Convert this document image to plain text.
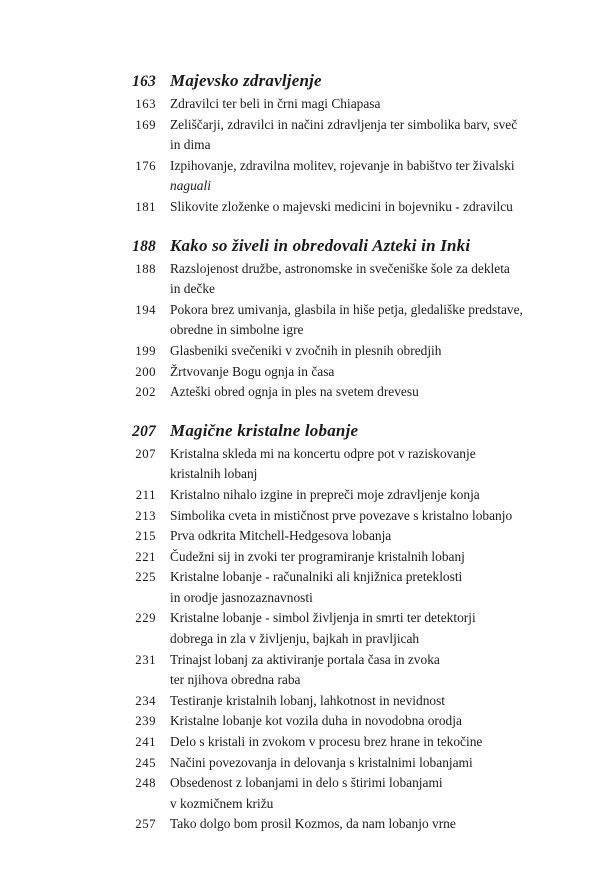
163 Majevsko zdravljenje
163 Zdravilci ter beli in črni magi Chiapasa
169 Zeliščarji, zdravilci in načini zdravljenja ter simbolika barv, sveč
in dima
176 Izpihovanje, zdravilna molitev, rojevanje in babištvo ter živalski
naguali
181 Slikovite zloženke o majevski medicini in bojevniku - zdravilcu
188 Kako so živeli in obredovali Azteki in Inki
188 Razslojenost družbe, astronomske in svečeniške šole za dekleta
in dečke
194 Pokora brez umivanja, glasbila in hiše petja, gledališke predstave,
obredne in simbolne igre
199 Glasbeniki svečeniki v zvočnih in plesnih obredjih
200 Žrtvovanje Bogu ognja in časa
202 Azteški obred ognja in ples na svetem drevesu
207 Magične kristalne lobanje
207 Kristalna skleda mi na koncertu odpre pot v raziskovanje
kristalnih lobanj
211 Kristalno nihalo izgine in prepreči moje zdravljenje konja
213 Simbolika cveta in mističnost prve povezave s kristalno lobanjo
215 Prva odkrita Mitchell-Hedgesova lobanja
221 Čudežni sij in zvoki ter programiranje kristalnih lobanj
225 Kristalne lobanje - računalniki ali knjižnica preteklosti
in orodje jasnozaznavnosti
229 Kristalne lobanje - simbol življenja in smrti ter detektorji
dobrega in zla v življenju, bajkah in pravljicah
231 Trinajst lobanj za aktiviranje portala časa in zvoka
ter njihova obredna raba
234 Testiranje kristalnih lobanj, lahkotnost in nevidnost
239 Kristalne lobanje kot vozila duha in novodobna orodja
241 Delo s kristali in zvokom v procesu brez hrane in tekočine
245 Načini povezovanja in delovanja s kristalnimi lobanjami
248 Obsedenost z lobanjami in delo s štirimi lobanjami
v kozmičnem križu
257 Tako dolgo bom prosil Kozmos, da nam lobanjo vrne
